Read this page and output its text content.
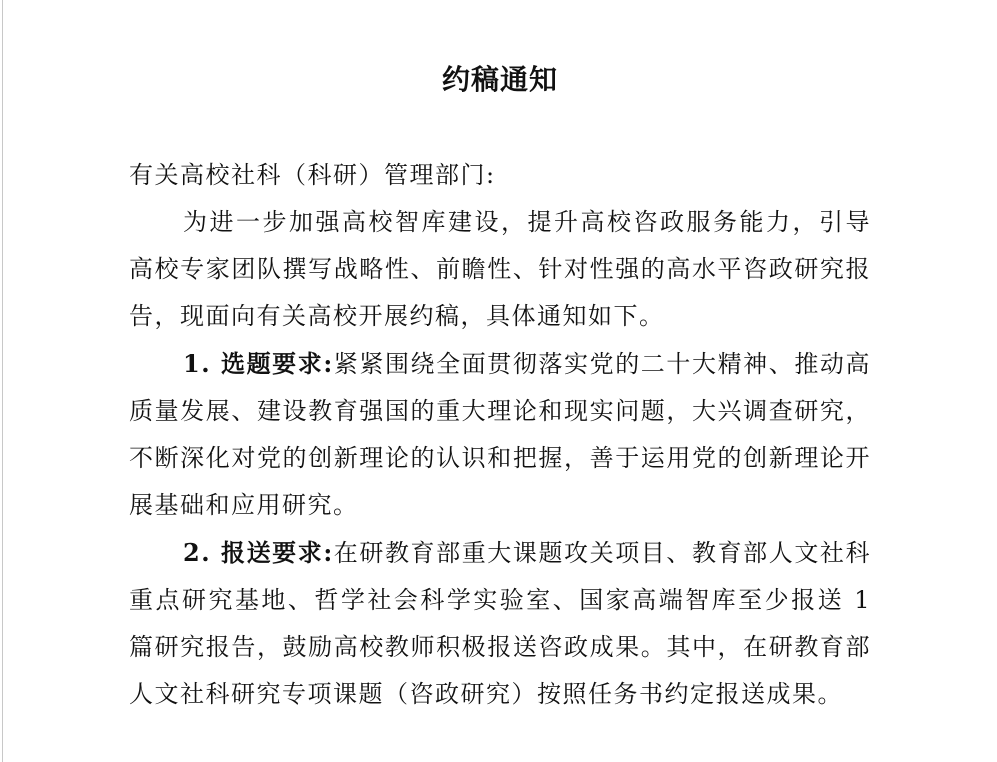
约稿通知

有关高校社科（科研）管理部门:

为进一步加强高校智库建设，提升高校咨政服务能力，引导高校专家团队撰写战略性、前瞻性、针对性强的高水平咨政研究报告，现面向有关高校开展约稿，具体通知如下。

1. 选题要求:紧紧围绕全面贯彻落实党的二十大精神、推动高质量发展、建设教育强国的重大理论和现实问题，大兴调查研究，不断深化对党的创新理论的认识和把握，善于运用党的创新理论开展基础和应用研究。

2. 报送要求:在研教育部重大课题攻关项目、教育部人文社科重点研究基地、哲学社会科学实验室、国家高端智库至少报送 1 篇研究报告，鼓励高校教师积极报送咨政成果。其中，在研教育部人文社科研究专项课题（咨政研究）按照任务书约定报送成果。
